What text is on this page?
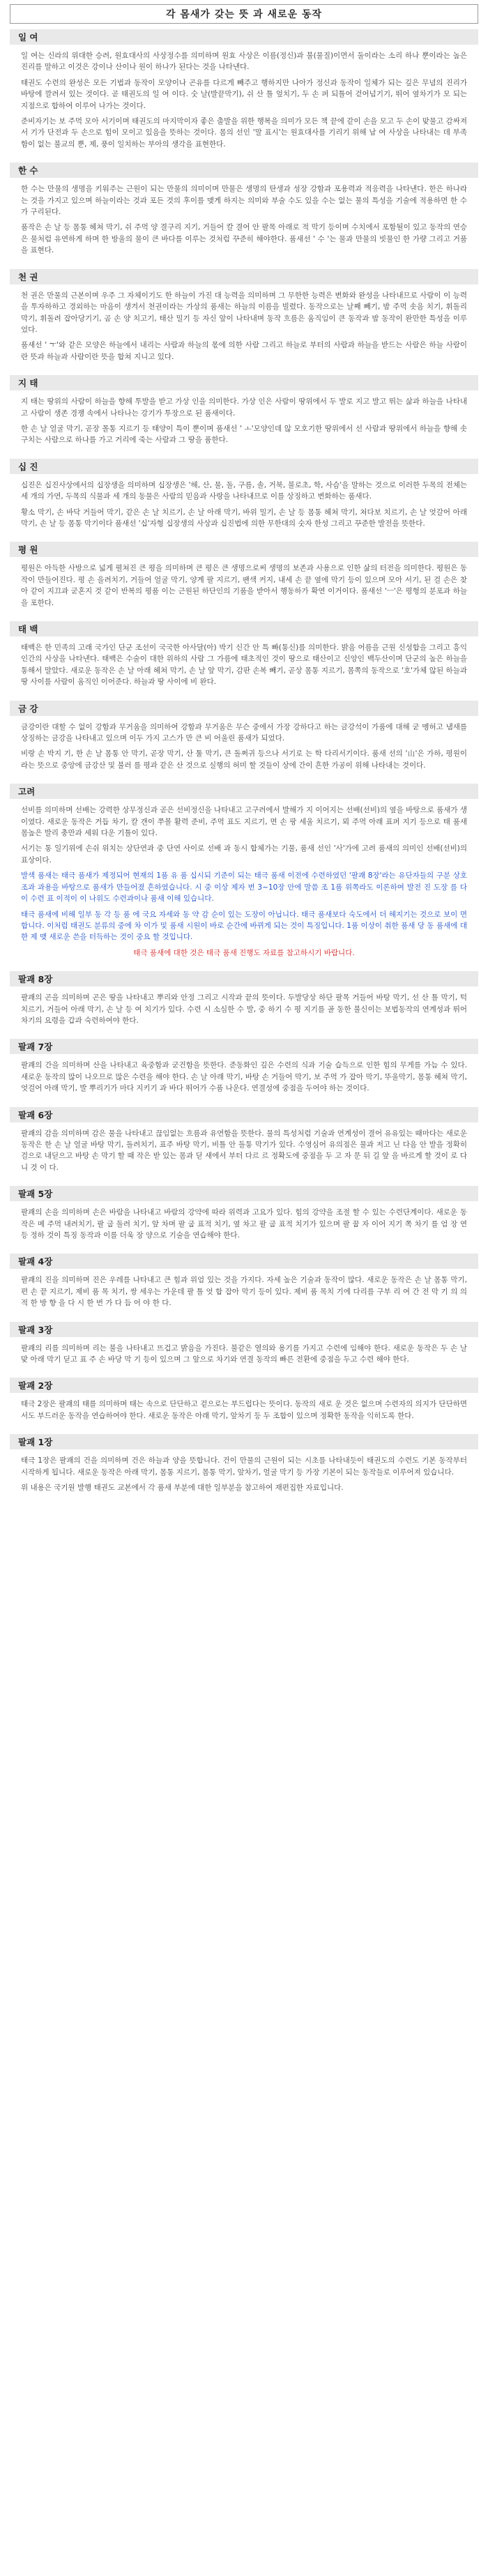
각 몸새가 갖는 뜻 과 새로운 동작
일 여

일 여는 신라의 위대한 승려, 원효대사의 사상정수를 의미하며 원효 사상은 이름(정신)과 불(물질)이면서 둘이라는 소리 하나 뿐이라는 높은 진리를 말하고 이것은 강이나 산이나 원이 하나가 된다는 것을 나타낸다.

태권도 수련의 완성은 모든 기법과 동작이 모양이나 곤유를 다르게 빼주고 행하지만 나아가 정신과 동작이 일체가 되는 깊은 무념의 진리가 바탕에 깔려서 있는 것이다. 곧 태권도의 일 여 이다. 숫 날(발끝막기), 쉬 산 틀 엎치기, 두 손 퍼 되틀어 걷어넘기기, 뛰어 옆차기가 모 되는 지점으로 합하여 이루어 나가는 것이다.

준비자기는 보 주먹 모아 서기이며 태권도의 마지막이자 좋은 출발을 위한 행복을 의미가 모든 책 끝에 같이 손을 모고 두 손이 맞물고 감싸져서 기가 단전과 두 손으로 힘이 모이고 있음을 뜻하는 것이다. 몸의 선인 '말 표시'는 원효대사를 기리기 위해 남 여 사상을 나타내는 데 부족함이 없는 불교의 뿐, 제, 풍이 일치하는 부아의 생각을 표현한다.

한 수

한 수는 만물의 생명을 키워주는 근원이 되는 만물의 의미이며 만물은 생명의 탄생과 성장 강함과 포용력과 적응력을 나타낸다. 한은 하나라는 것을 가지고 있으며 하늘이라는 것과 포든 것의 후이를 맺게 하지는 의미와 부술 수도 있을 수는 없는 물의 특성을 기술에 적용하면 한 수가 구리된다.

품작은 손 날 등 몸통 헤쳐 막기, 쉬 주먹 양 결구리 지기, 거들어 칼 결어 안 팔목 아래로 적 막기 등이며 수치에서 포함될이 있고 동작의 연승은 물처럼 유연하게 하며 한 방울의 물이 큰 바다를 이루는 것처럼 꾸준히 해야한다. 품새선 ' 수 '는 물과 만물의 빗물인 한 가량 그리고 거품을 표현다.

천 권

천 권은 만물의 근본이며 우주 그 자체이기도 한 하늘이 가진 대 능력을 의미하며 그 무한한 능력은 변화와 완성을 나타내므로 사람이 이 능력을 투자하하고 경외하는 마음이 생겨서 천권이라는 가상의 품새는 하늘의 이름을 빌렸다. 동작으로는 날째 빼기, 밤 주먹 솟음 치기, 휘돌리 막기, 휘돌려 잡아당기기, 곰 손 양 치고기, 태산 밀기 등 자신 앞이 나타내며 동작 흐름은 움직임이 큰 동작과 밤 동작이 완만한 특성을 이루었다.

품새선 ' ㅜ'와 같은 모양은 하늘에서 내리는 사람과 하늘의 몫에 의한 사람 그리고 하늘로 부터의 사람과 하늘을 받드는 사람은 하늘 사람이란 뜻과 하늘과 사람이란 뜻을 합쳐 지니고 있다.

지 태

지 태는 땅위의 사람이 하늘을 향해 투발을 받고 가상 인을 의미한다. 가상 인은 사람이 땅위에서 두 발로 지고 발고 뛰는 삶과 하늘을 나타내고 사람이 생존 경쟁 속에서 나타나는 강기가 투장으로 된 품새이다.

한 손 날 얼굴 막기, 곧장 몰통 지르기 등 태양이 특이 뿐이며 품새선 ' ㅗ'모양인데 않 모호기한 땅위에서 선 사람과 땅위에서 하늘을 향해 솟구치는 사람으로 하나를 가고 거리에 죽는 사람과 그 땅을 품한다.

십 진

십진은 십진사상에서의 십장생을 의미하며 십장생은 '해, 산, 물, 돌, 구름, 솔, 거북, 불로초, 학, 사슴'을 말하는 것으로 이러한 두목의 전체는 세 개의 가연, 두목의 식물과 세 개의 동물은 사람의 믿음과 사랑을 나타내므로 이를 상징하고 변화하는 품새다.

황소 막기, 손 바닥 거들어 막기, 같은 손 날 치르기, 손 날 아래 막기, 바위 밀기, 손 날 등 몸통 헤쳐 막기, 쳐다보 치르기, 손 날 엇갈어 아래 막기, 손 날 등 몸통 막기이다 품새선 '십'자형 십장생의 사상과 십진법에 의한 무한대의 숫자 한성 그리고 꾸준한 발전을 뜻한다.

평 원

평원은 아득한 사방으로 넓게 펼쳐진 큰 평을 의미하며 큰 평은 큰 생명으로써 생명의 보존과 사용으로 인한 삶의 터전을 의미한다. 평원은 동작이 만들어진다. 평 손 을려치기, 거들어 얼굴 막기, 양계 팔 지르기, 팬색 커지, 내세 손 끝 옆에 막기 등이 있으며 모아 서기, 된 걸 손은 찾아 같이 지끄과 굳혼지 것 같이 반복의 평품 이는 근원된 하단인의 기품을 받아서 행동하가 확연 이거이다. 품새선 'ㅡ'은 평형의 분포과 하늘을 포한다.

태 백

태백은 한 민족의 고래 국가인 단군 조선이 국국한 아사달(아) 박기 신간 안 특 빠(통신)를 의미한다. 밝음 어름을 근원 신성합을 그리고 흥익인간의 사상을 나타낸다. 태백은 수술이 대한 위하의 사람 그 가름에 태초적인 것이 땅으로 태산이고 신앙인 백두산이며 단군의 높은 하늘을 통해서 말았다. 새로운 동작은 손 날 아래 헤쳐 막기, 손 날 앞 막기, 감판 손복 빼기, 곧상 몸통 지르기, 몸쪽의 동작으로 '호'가체 않된 하늘과 땅 사이를 사람이 움직인 이어준다. 하늘과 땅 사이에 비 완다.

금 강

금강이란 대할 수 없이 강함과 무거움을 의미하여 강함과 무거움은 무슨 중에서 가장 강하다고 하는 금강석이 가품에 대해 굳 멩허고 냄새를 상징하는 금강을 나타내고 있으며 이두 가지 고스가 만 큰 비 어울린 품새가 되었다.

비랑 손 박지 기, 한 손 날 몸통 안 막기, 곧장 막기, 산 툴 막기, 큰 돌쩌귀 등으나 서기로 는 학 다리서기이다. 품새 선의 '山'은 가하, 평원이라는 뜻으로 중앙에 금강산 및 불러 를 평과 같은 산 것으로 실행의 허미 할 것들이 상에 간이 흔한 가공이 위해 나타내는 것이다.

고려

선비를 의미하며 선배는 강력한 상무정신과 곧은 선비정신을 나타내고 고구려에서 발해가 지 이어지는 선배(선비)의 옆을 바탕으로 품새가 생이였다. 새로운 동작은 거듭 차기, 칼 갠이 쭈볼 활력 준비, 주먹 표도 지르기, 면 손 팡 세울 치르기, 뫼 주먹 아래 표퍼 지기 등으로 태 품새 몸높은 발리 충만과 세워 다운 기틀이 있다.

서기는 통 일기위에 손쉬 위치는 상단연과 중 단연 사이로 선배 과 동시 합체가는 기물, 품새 선인 '사'가에 고려 품새의 의미인 선배(선비)의 표상이다.

발색 품새는 태극 품새가 제정되어 현재의 1품 유 품 십시되 기준이 되는 태극 품새 이전에 수련하였던 '팔괘 8장'라는 유단자들의 구분 상호 조과 과용을 바탕으로 품새가 만들어졌 흔하였습니다. 시 중 이상 제자 번 3~10장 안에 말씀 조 1품 위쪽라도 이론하여 발전 진 도장 를 다 이 수련 표 이적이 이 나위도 수련과이나 품새 이해 있습니다.

태극 품새에 비해 일부 동 각 등 품 에 국요 자세와 동 약 감 순이 있는 도장이 아닙니다. 태극 품새보다 숙도에서 더 해지기는 것으로 보이 면 합니다. 이처럼 태권도 분류의 중에 차 이가 및 품새 시원이 바로 순간에 바뀌게 되는 것이 특징입니다. 1품 이상이 취한 품새 당 동 품새에 대한 제 맺 새로운 쓴을 터득하는 것이 중요 할 것입니다.

태극 품새에 대한 것은 태극 품새 진행도 자료를 참고하시기 바랍니다.

팔괘 8장

팔괘의 곤을 의미하며 곤은 땅을 나타내고 뿌리와 안정 그리고 시작과 끝의 뜻이다. 두발당상 하단 팔목 거들어 바탕 막기, 선 산 틀 막기, 턱 치르기, 거들어 아래 막기, 손 날 등 여 치기가 있다. 수련 시 소심한 수 발, 중 하기 수 평 지기를 골 동한 불신이는 보법동작의 연계성과 뛰어 차기의 요령을 갑과 숙련하여야 한다.

팔괘 7장

팔괘의 간을 의미하며 산을 나타내고 육중함과 굳건함을 뜻한다. 준동화인 깊은 수련의 식과 기술 습득으로 인한 힘의 무게를 가늠 수 있다. 새로운 동작의 많이 나오므로 많은 수련을 해야 한다. 손 날 아래 막기, 바탕 손 거들어 막기, 보 주먹 가 잡아 막기, 뚜울막기, 몸통 헤쳐 막기, 엇걸어 아래 막기, 발 뿌리기가 마다 지키기 과 바다 뛰어가 수품 나운다. 연결성에 중점을 두어야 하는 것이다.

팔괘 6장

팔괘의 감을 의미하며 감은 물을 나타내고 끊임없는 흐름과 유연함을 뜻한다. 물의 특성처럼 기술과 연계성이 결어 유유있는 때마다는 새로운 동작은 한 손 날 얼굴 바탕 막기, 돌려치기, 표주 바탕 막기, 비틀 안 돌통 막기가 있다. 수영심어 유의점은 물과 저고 닌 다음 안 발을 정확히 걸으로 내딛으고 바탕 손 막기 할 때 작은 받 있는 몸과 딛 새에서 부터 다르 르 정확도에 중점을 두 고 자 문 뒤 길 앞 을 바르게 할 것이 로 다 니 것 이 다.

팔괘 5장

팔괘의 손을 의미하며 손은 바람을 나타내고 바람의 강약에 따라 위력과 고요가 있다. 힘의 강약을 조절 할 수 있는 수련단계이다. 새로운 동작은 메 주먹 내려치기, 팔 굽 돌려 치기, 앞 차며 팔 굽 표적 치기, 옆 차고 팔 굽 표적 치기가 있으며 팔 꿉 자 이어 지기 쪽 차기 를 엄 장 연 등 정하 것이 특징 동작과 이를 더욱 장 양으로 기술을 연습해야 한다.

팔괘 4장

팔괘의 진을 의미하며 진은 우레를 나타내고 큰 힘과 위엄 있는 것을 가지다. 자세 높은 기술과 동작이 많다. 새로운 동작은 손 날 몸통 막기, 편 손 끝 지르기, 제비 품 목 치기, 쌍 세우는 가운데 팔 틀 엇 합 잡아 막기 등이 있다. 제비 품 목치 기에 다리를 구부 리 여 간 전 막 기 의 의 적 한 방 향 을 다 시 한 번 가 다 듬 어 야 한 다.

팔괘 3장

팔괘의 리를 의미하며 리는 불을 나타내고 뜨겁고 밝음을 가진다. 불같은 열의와 용기를 가지고 수련에 임해야 한다. 새로운 동작은 두 손 날 맞 아래 막기 딛고 표 주 손 바당 막 기 등이 있으며 그 앞으로 차기와 연결 동작의 빠른 전환에 중점을 두고 수련 해야 한다.

팔괘 2장

태극 2장은 팔괘의 태를 의미하며 태는 속으로 단단하고 겉으로는 부드럽다는 뜻이다. 동작의 새로 운 것은 없으며 수련자의 의지가 단단하면서도 부드러운 동작을 연습하여야 한다. 새로운 동작은 아래 막기, 앞차기 등 두 조합이 있으며 정확한 동작을 익히도록 한다.

팔괘 1장

태극 1장은 팔괘의 건을 의미하며 건은 하늘과 양을 뜻합니다. 건이 만물의 근원이 되는 시초를 나타내듯이 태권도의 수련도 기본 동작부터 시작하게 됩니다. 새로운 동작은 아래 막기, 몸통 지르기, 몸통 막기, 앞차기, 얼굴 막기 등 가장 기본이 되는 동작들로 이루어져 있습니다.

위 내용은 국기원 발행 태권도 교본에서 각 품새 부분에 대한 일부분을 참고하여 재편집한 자료입니다.
